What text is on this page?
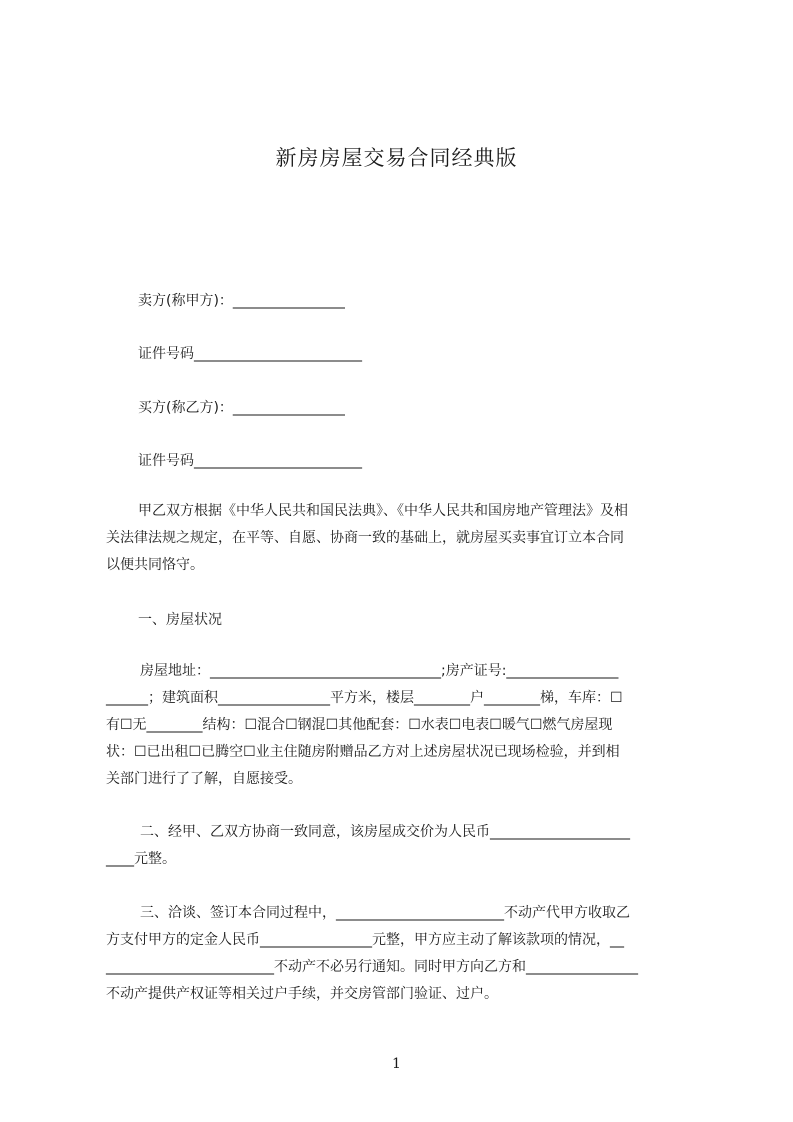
新房房屋交易合同经典版
卖方(称甲方)：________________
证件号码________________________
买方(称乙方)：________________
证件号码________________________
甲乙双方根据《中华人民共和国民法典》、《中华人民共和国房地产管理法》及相
关法律法规之规定，在平等、自愿、协商一致的基础上，就房屋买卖事宜订立本合同
以便共同恪守。
一、房屋状况
房屋地址：_________________________________;房产证号:________________
______；建筑面积________________平方米，楼层________户________梯，车库：☐
有☐无________结构：☐混合☐钢混☐其他配套：☐水表☐电表☐暖气☐燃气房屋现
状：☐已出租☐已腾空☐业主住随房附赠品乙方对上述房屋状况已现场检验，并到相
关部门进行了了解，自愿接受。
二、经甲、乙双方协商一致同意，该房屋成交价为人民币____________________
____元整。
三、洽谈、签订本合同过程中，________________________不动产代甲方收取乙
方支付甲方的定金人民币________________元整，甲方应主动了解该款项的情况，__
________________________不动产不必另行通知。同时甲方向乙方和________________
不动产提供产权证等相关过户手续，并交房管部门验证、过户。
1
